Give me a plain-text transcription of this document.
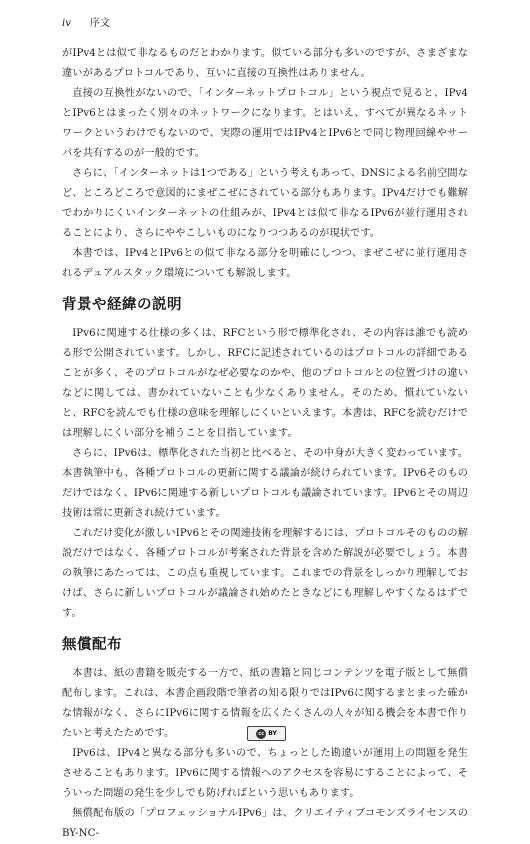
iv 序文

がIPv4とは似て非なるものだとわかります。似ている部分も多いのですが、さまざまな違いがあるプロトコルであり、互いに直接の互換性はありません。

直接の互換性がないので、「インターネットプロトコル」という視点で見ると、IPv4とIPv6とはまったく別々のネットワークになります。とはいえ、すべてが異なるネットワークというわけでもないので、実際の運用ではIPv4とIPv6とで同じ物理回線やサーバを共有するのが一般的です。

さらに、「インターネットは1つである」という考えもあって、DNSによる名前空間など、ところどころで意図的にまぜこぜにされている部分もあります。IPv4だけでも難解でわかりにくいインターネットの仕組みが、IPv4とは似て非なるIPv6が並行運用されることにより、さらにややこしいものになりつつあるのが現状です。

本書では、IPv4とIPv6との似て非なる部分を明確にしつつ、まぜこぜに並行運用されるデュアルスタック環境についても解説します。

背景や経緯の説明

IPv6に関連する仕様の多くは、RFCという形で標準化され、その内容は誰でも読める形で公開されています。しかし、RFCに記述されているのはプロトコルの詳細であることが多く、そのプロトコルがなぜ必要なのかや、他のプロトコルとの位置づけの違いなどに関しては、書かれていないことも少なくありません。そのため、慣れていないと、RFCを読んでも仕様の意味を理解しにくいといえます。本書は、RFCを読むだけでは理解しにくい部分を補うことを目指しています。

さらに、IPv6は、標準化された当初と比べると、その中身が大きく変わっています。本書執筆中も、各種プロトコルの更新に関する議論が続けられています。IPv6そのものだけではなく、IPv6に関連する新しいプロトコルも議論されています。IPv6とその周辺技術は常に更新され続けています。

これだけ変化が激しいIPv6とその関連技術を理解するには、プロトコルそのものの解説だけではなく、各種プロトコルが考案された背景を含めた解説が必要でしょう。本書の執筆にあたっては、この点も重視しています。これまでの背景をしっかり理解しておけば、さらに新しいプロトコルが議論され始めたときなどにも理解しやすくなるはずです。

無償配布

本書は、紙の書籍を販売する一方で、紙の書籍と同じコンテンツを電子版として無償配布します。これは、本書企画段階で筆者の知る限りではIPv6に関するまとまった確かな情報がなく、さらにIPv6に関する情報を広くたくさんの人々が知る機会を本書で作りたいと考えたためです。

IPv6は、IPv4と異なる部分も多いので、ちょっとした勘違いが運用上の問題を発生させることもあります。IPv6に関する情報へのアクセスを容易にすることによって、そういった問題の発生を少しでも防げればという思いもあります。

無償配布版の「プロフェッショナルIPv6」は、クリエイティブコモンズライセンスのBY-NC-

cc BY
